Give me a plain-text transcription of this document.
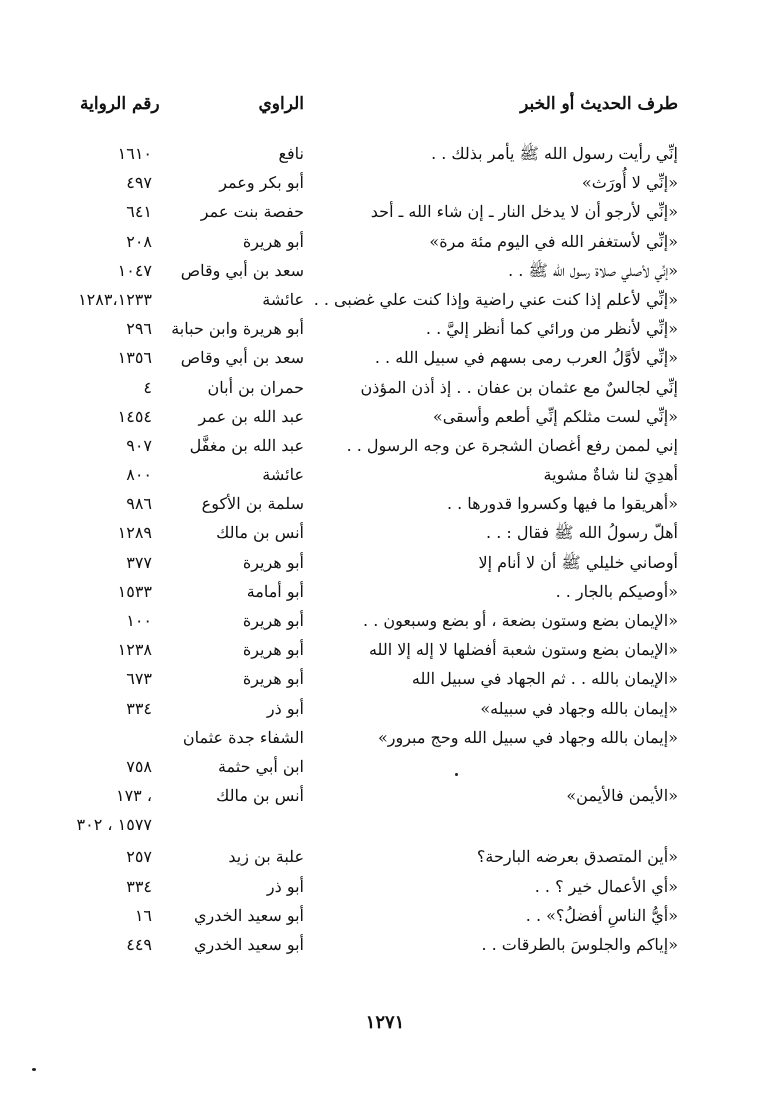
طرف الحديث أو الخبر
الراوي
رقم الرواية
إنِّي رأيت رسول الله ﷺ يأمر بذلك . .
نافع
١٦١٠
«إنِّي لا أُورَث»
أبو بكر وعمر
٤٩٧
«إنِّي لأرجو أن لا يدخل النار ـ إن شاء الله ـ أحد
حفصة بنت عمر
٦٤١
«إنِّي لأستغفر الله في اليوم مئة مرة»
أبو هريرة
٢٠٨
«إنِّي لأصلي صلاة رسول الله ﷺ . .
سعد بن أبي وقاص
١٠٤٧
«إنِّي لأعلم إذا كنت عني راضية وإذا كنت علي غضبى . .
عائشة
١٢٨٣،١٢٣٣
«إنِّي لأنظر من ورائي كما أنظر إليَّ . .
أبو هريرة وابن حبابة
٢٩٦
«إنِّي لأوَّلُ العرب رمى بسهم في سبيل الله . .
سعد بن أبي وقاص
١٣٥٦
إنِّي لجالسٌ مع عثمان بن عفان . . إذ أذن المؤذن
حمران بن أبان
٤
«إنِّي لست مثلكم إنِّي أطعم وأسقى»
عبد الله بن عمر
١٤٥٤
إني لممن رفع أغصان الشجرة عن وجه الرسول . .
عبد الله بن مغفَّل
٩٠٧
أهدِيَ لنا شاةٌ مشوية
عائشة
٨٠٠
«أهريقوا ما فيها وكسروا قدورها . .
سلمة بن الأكوع
٩٨٦
أهلّ رسولُ الله ﷺ فقال : . .
أنس بن مالك
١٢٨٩
أوصاني خليلي ﷺ أن لا أنام إلا
أبو هريرة
٣٧٧
«أوصيكم بالجار . .
أبو أمامة
١٥٣٣
«الإيمان بضع وستون بضعة ، أو بضع وسبعون . .
أبو هريرة
١٠٠
«الإيمان بضع وستون شعبة أفضلها لا إله إلا الله
أبو هريرة
١٢٣٨
«الإيمان بالله . . ثم الجهاد في سبيل الله
أبو هريرة
٦٧٣
«إيمان بالله وجهاد في سبيله»
أبو ذر
٣٣٤
«إيمان بالله وجهاد في سبيل الله وحج مبرور»
الشفاء جدة عثمان
ابن أبي حثمة
٧٥٨
«الأيمن فالأيمن»
أنس بن مالك
، ١٧٣
١٥٧٧ ، ٣٠٢
«أين المتصدق بعرضه البارحة؟
علبة بن زيد
٢٥٧
«أي الأعمال خير ؟ . .
أبو ذر
٣٣٤
«أيُّ الناسِ أفضلُ؟» . .
أبو سعيد الخدري
١٦
«إياكم والجلوسَ بالطرقات . .
أبو سعيد الخدري
٤٤٩
١٢٧١
